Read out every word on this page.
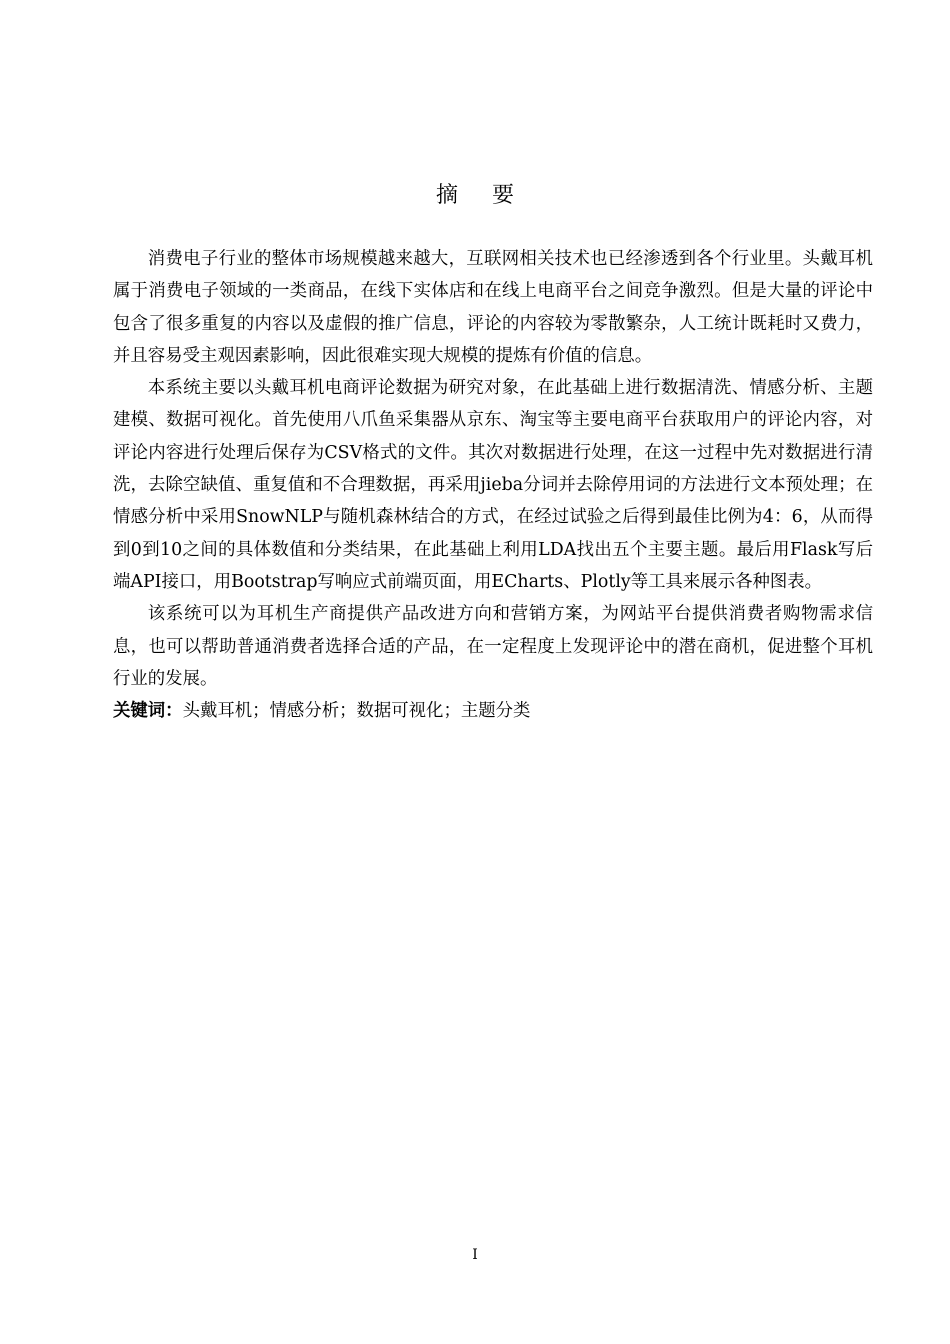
摘要

消费电子行业的整体市场规模越来越大，互联网相关技术也已经渗透到各个行业里。头戴耳机属于消费电子领域的一类商品，在线下实体店和在线上电商平台之间竞争激烈。但是大量的评论中包含了很多重复的内容以及虚假的推广信息，评论的内容较为零散繁杂，人工统计既耗时又费力，并且容易受主观因素影响，因此很难实现大规模的提炼有价值的信息。

本系统主要以头戴耳机电商评论数据为研究对象，在此基础上进行数据清洗、情感分析、主题建模、数据可视化。首先使用八爪鱼采集器从京东、淘宝等主要电商平台获取用户的评论内容，对评论内容进行处理后保存为CSV格式的文件。其次对数据进行处理，在这一过程中先对数据进行清洗，去除空缺值、重复值和不合理数据，再采用jieba分词并去除停用词的方法进行文本预处理；在情感分析中采用SnowNLP与随机森林结合的方式，在经过试验之后得到最佳比例为4：6，从而得到0到10之间的具体数值和分类结果，在此基础上利用LDA找出五个主要主题。最后用Flask写后端API接口，用Bootstrap写响应式前端页面，用ECharts、Plotly等工具来展示各种图表。

该系统可以为耳机生产商提供产品改进方向和营销方案，为网站平台提供消费者购物需求信息，也可以帮助普通消费者选择合适的产品，在一定程度上发现评论中的潜在商机，促进整个耳机行业的发展。

关键词：头戴耳机；情感分析；数据可视化；主题分类

I
